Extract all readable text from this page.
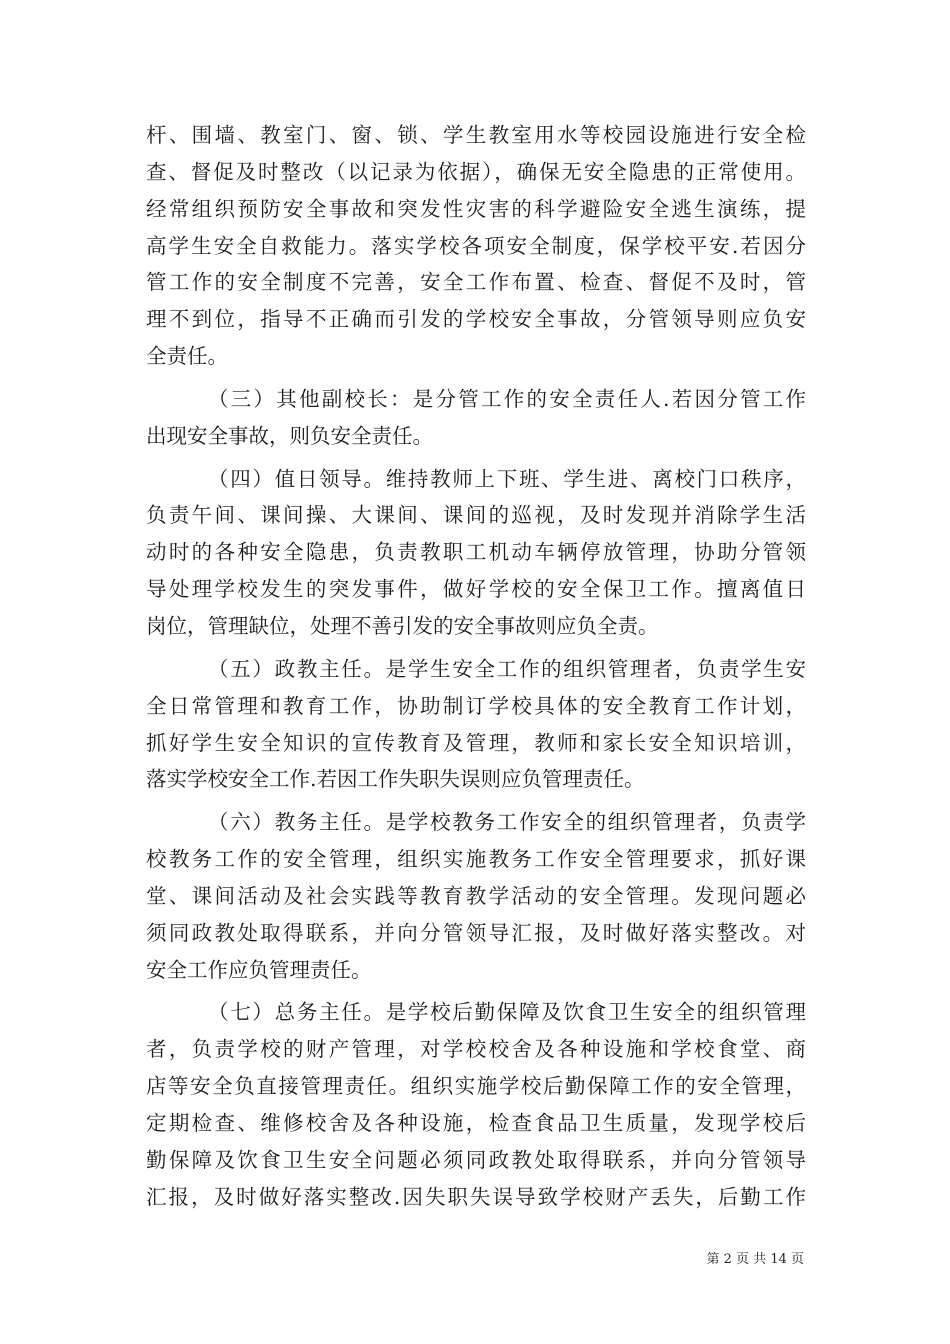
杆、围墙、教室门、窗、锁、学生教室用水等校园设施进行安全检
查、督促及时整改（以记录为依据），确保无安全隐患的正常使用。
经常组织预防安全事故和突发性灾害的科学避险安全逃生演练，提
高学生安全自救能力。落实学校各项安全制度，保学校平安.若因分
管工作的安全制度不完善，安全工作布置、检查、督促不及时，管
理不到位，指导不正确而引发的学校安全事故，分管领导则应负安
全责任。
（三）其他副校长：是分管工作的安全责任人.若因分管工作
出现安全事故，则负安全责任。
（四）值日领导。维持教师上下班、学生进、离校门口秩序，
负责午间、课间操、大课间、课间的巡视，及时发现并消除学生活
动时的各种安全隐患，负责教职工机动车辆停放管理，协助分管领
导处理学校发生的突发事件，做好学校的安全保卫工作。擅离值日
岗位，管理缺位，处理不善引发的安全事故则应负全责。
（五）政教主任。是学生安全工作的组织管理者，负责学生安
全日常管理和教育工作，协助制订学校具体的安全教育工作计划，
抓好学生安全知识的宣传教育及管理，教师和家长安全知识培训，
落实学校安全工作.若因工作失职失误则应负管理责任。
（六）教务主任。是学校教务工作安全的组织管理者，负责学
校教务工作的安全管理，组织实施教务工作安全管理要求，抓好课
堂、课间活动及社会实践等教育教学活动的安全管理。发现问题必
须同政教处取得联系，并向分管领导汇报，及时做好落实整改。对
安全工作应负管理责任。
（七）总务主任。是学校后勤保障及饮食卫生安全的组织管理
者，负责学校的财产管理，对学校校舍及各种设施和学校食堂、商
店等安全负直接管理责任。组织实施学校后勤保障工作的安全管理，
定期检查、维修校舍及各种设施，检查食品卫生质量，发现学校后
勤保障及饮食卫生安全问题必须同政教处取得联系，并向分管领导
汇报，及时做好落实整改.因失职失误导致学校财产丢失，后勤工作
第 2 页 共 14 页
